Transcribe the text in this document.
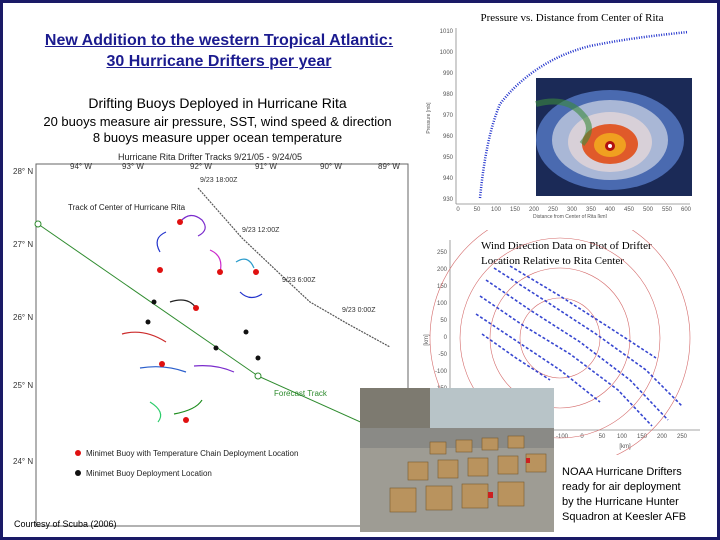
New Addition to the western Tropical Atlantic:
30 Hurricane Drifters per year
Drifting Buoys Deployed in Hurricane Rita
20 buoys measure air pressure, SST, wind speed & direction
8 buoys measure upper ocean temperature
Hurricane Rita Drifter Tracks 9/21/05 - 9/24/05
94° W	93° W	92° W	91° W	90° W	89° W
28° N
27° N
26° N
25° N
24° N
Forecast Track
Track of Center of Hurricane Rita
9/23 18:00Z
9/23 12:00Z
9/23 6:00Z
9/23 0:00Z
Minimet Buoy with Temperature Chain Deployment Location
Minimet Buoy Deployment Location
Pressure vs. Distance from Center of Rita
1010
1000
990
980
970
960
950
940
930
0 50 100 150 200 250 300 350 400 450 500 550 600
Pressure [mb]
Distance from Center of Rita [km]
Wind Direction Data on Plot of Drifter
Location Relative to Rita Center
250
200
150
100
50
0
-50
-100
-100 0 50 100 150 200 250
[km]
[km]
NOAA Hurricane Drifters
ready for air deployment
by the Hurricane Hunter
Squadron at Keesler AFB
Courtesy of Scuba (2006)
